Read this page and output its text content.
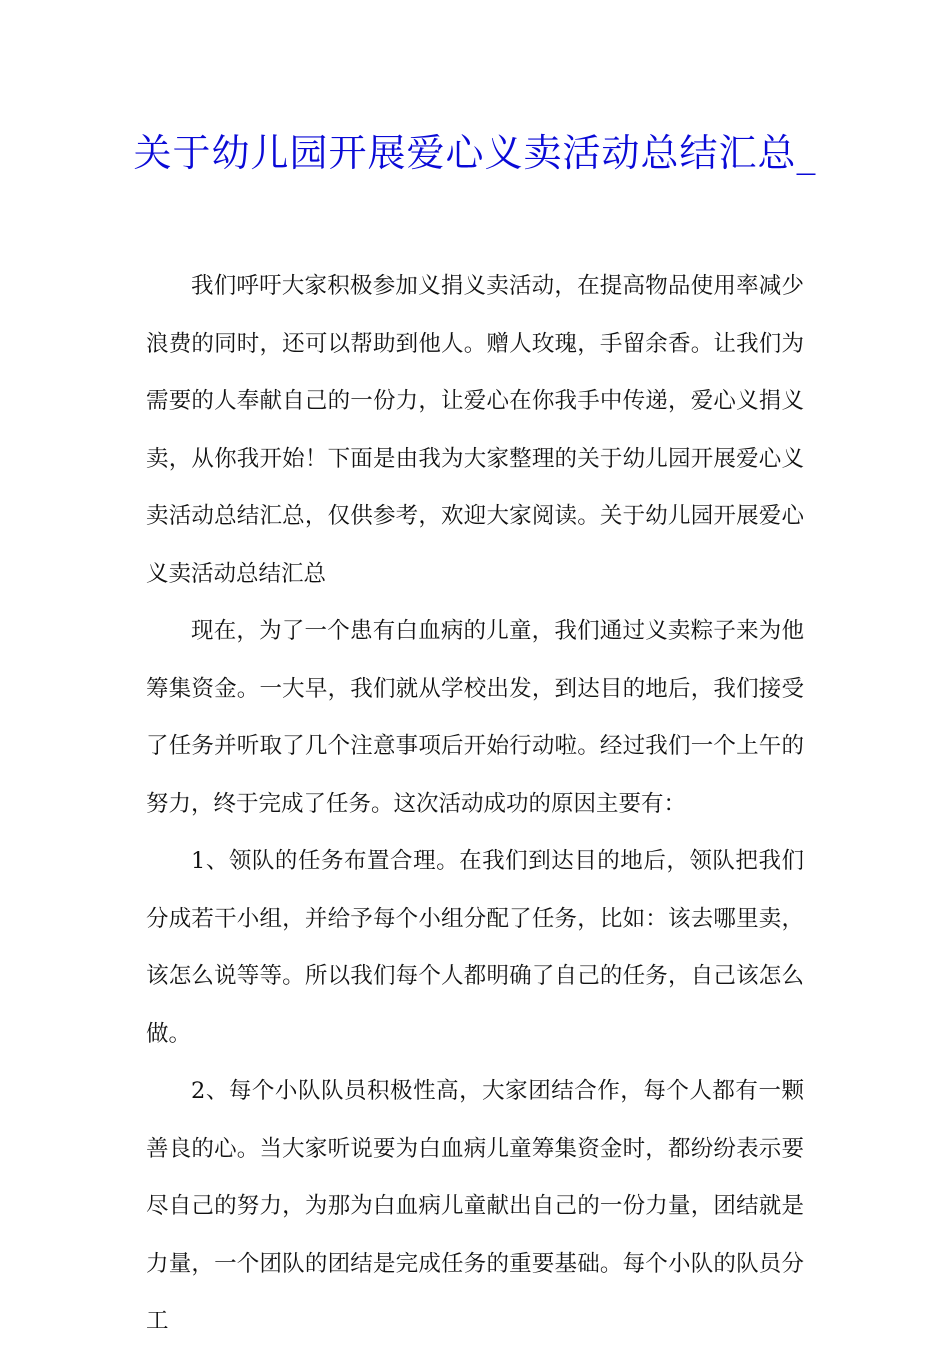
关于幼儿园开展爱心义卖活动总结汇总_

我们呼吁大家积极参加义捐义卖活动，在提高物品使用率减少浪费的同时，还可以帮助到他人。赠人玫瑰，手留余香。让我们为需要的人奉献自己的一份力，让爱心在你我手中传递，爱心义捐义卖，从你我开始！下面是由我为大家整理的关于幼儿园开展爱心义卖活动总结汇总，仅供参考，欢迎大家阅读。关于幼儿园开展爱心义卖活动总结汇总

现在，为了一个患有白血病的儿童，我们通过义卖粽子来为他筹集资金。一大早，我们就从学校出发，到达目的地后，我们接受了任务并听取了几个注意事项后开始行动啦。经过我们一个上午的努力，终于完成了任务。这次活动成功的原因主要有：

1、领队的任务布置合理。在我们到达目的地后，领队把我们分成若干小组，并给予每个小组分配了任务，比如：该去哪里卖，该怎么说等等。所以我们每个人都明确了自己的任务，自己该怎么做。

2、每个小队队员积极性高，大家团结合作，每个人都有一颗善良的心。当大家听说要为白血病儿童筹集资金时，都纷纷表示要尽自己的努力，为那为白血病儿童献出自己的一份力量，团结就是力量，一个团队的团结是完成任务的重要基础。每个小队的队员分工
